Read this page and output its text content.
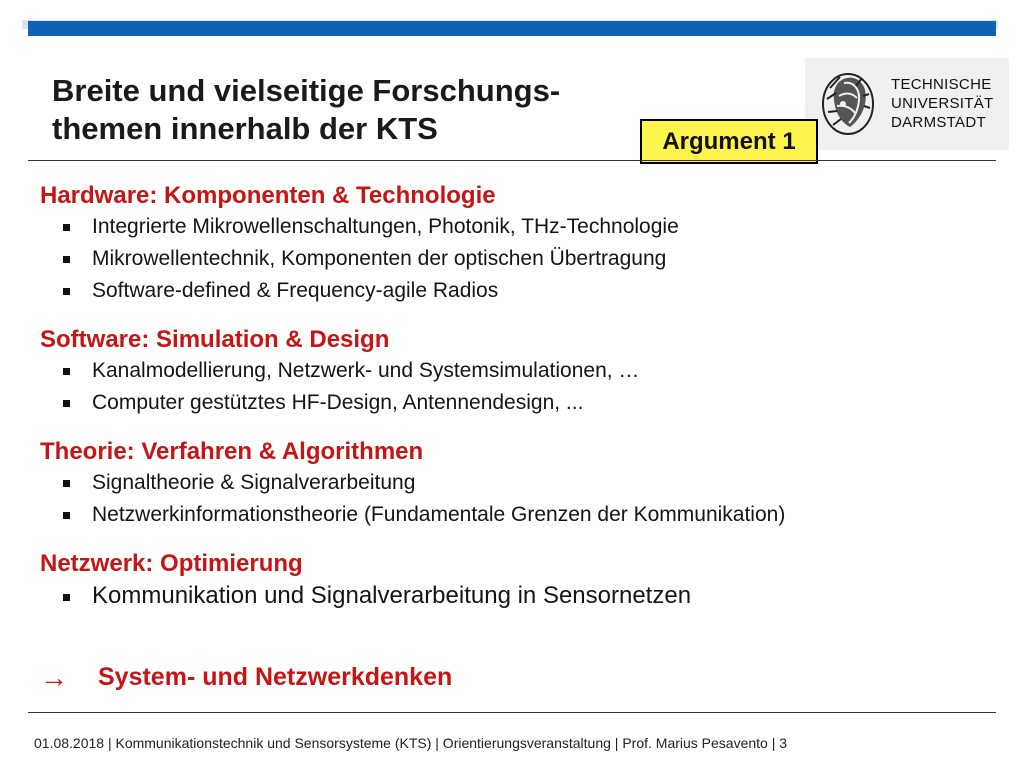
Breite und vielseitige Forschungs-
themen innerhalb der KTS
TECHNISCHE
UNIVERSITÄT
DARMSTADT
Argument 1
Hardware: Komponenten & Technologie
Integrierte Mikrowellenschaltungen, Photonik, THz-Technologie
Mikrowellentechnik, Komponenten der optischen Übertragung
Software-defined & Frequency-agile Radios
Software: Simulation & Design
Kanalmodellierung, Netzwerk- und Systemsimulationen, …
Computer gestütztes HF-Design, Antennendesign, ...
Theorie: Verfahren & Algorithmen
Signaltheorie & Signalverarbeitung
Netzwerkinformationstheorie (Fundamentale Grenzen der Kommunikation)
Netzwerk: Optimierung
Kommunikation und Signalverarbeitung in Sensornetzen
→	System- und Netzwerkdenken
01.08.2018 | Kommunikationstechnik und Sensorsysteme (KTS) | Orientierungsveranstaltung | Prof. Marius Pesavento | 3
